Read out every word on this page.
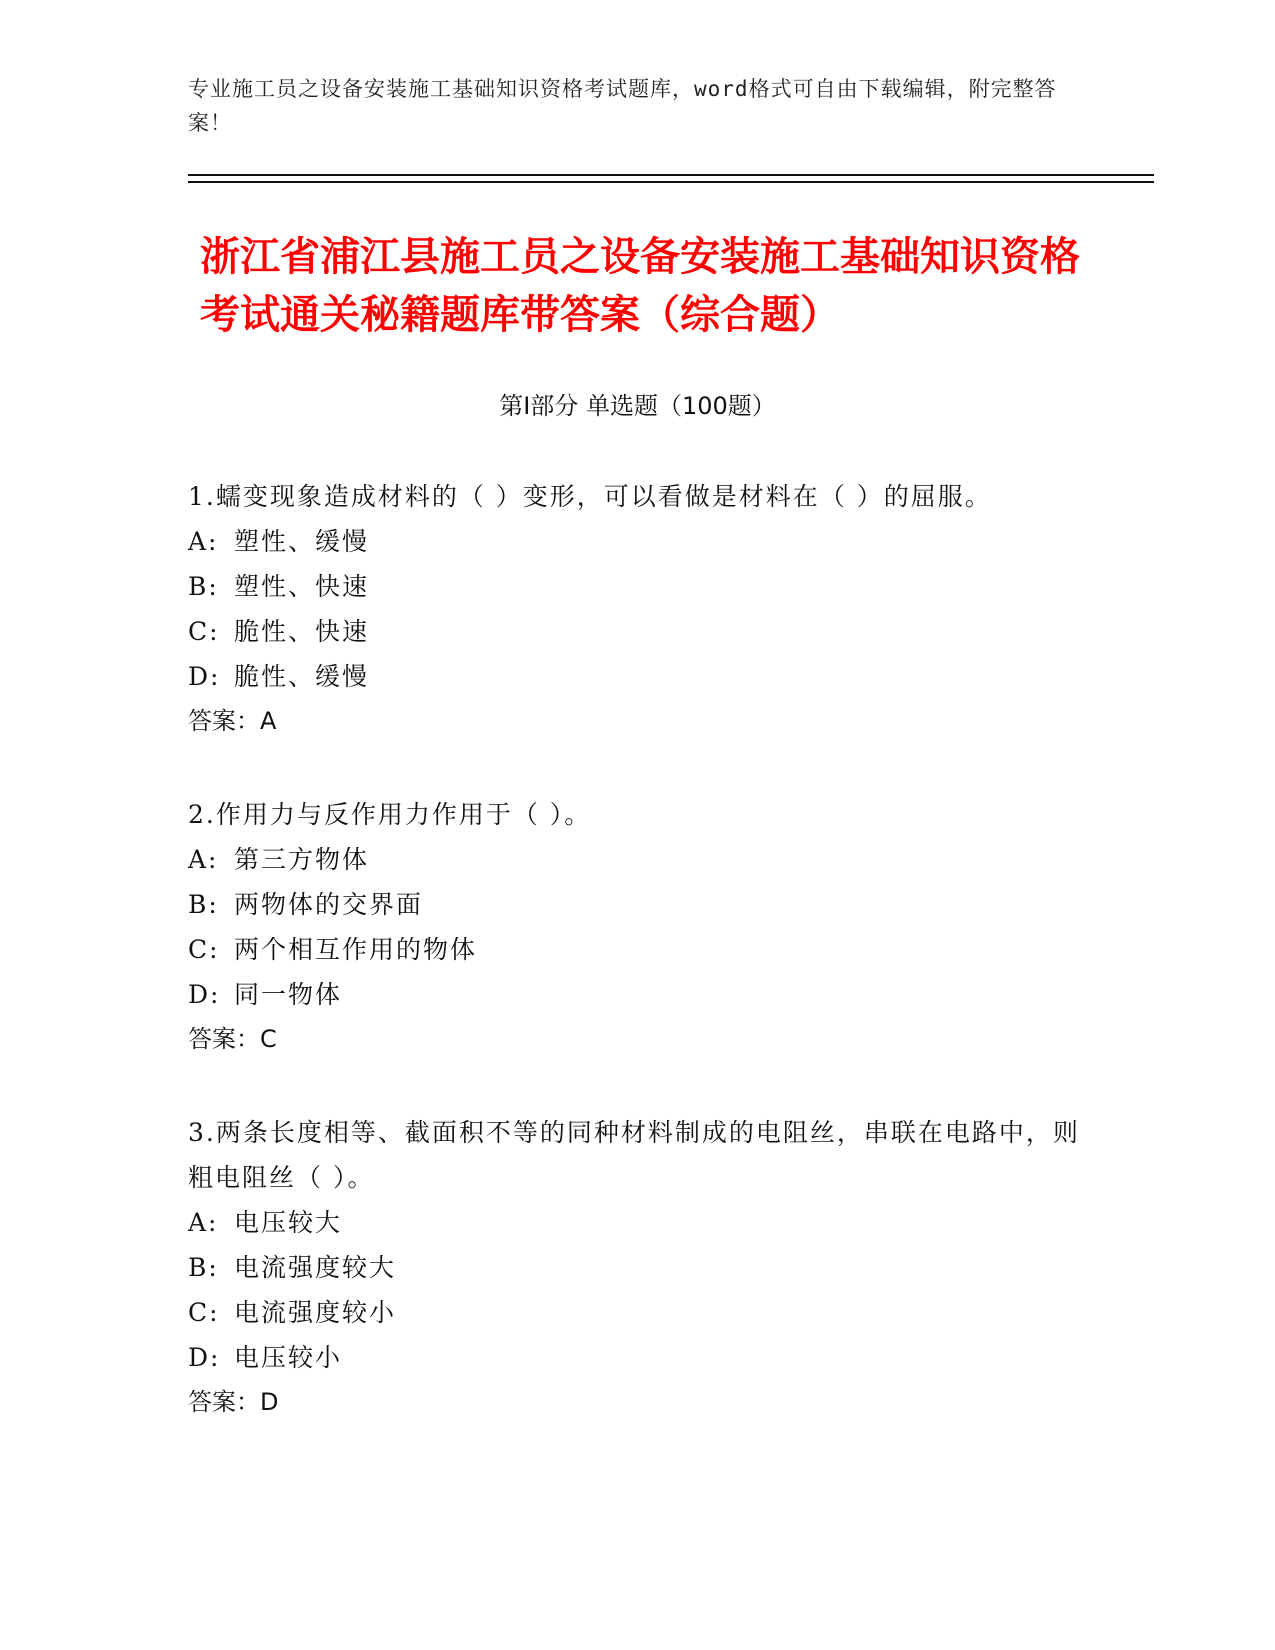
专业施工员之设备安装施工基础知识资格考试题库，word格式可自由下载编辑，附完整答案！
浙江省浦江县施工员之设备安装施工基础知识资格考试通关秘籍题库带答案（综合题）
第Ⅰ部分 单选题（100题）
1.蠕变现象造成材料的（ ）变形，可以看做是材料在（ ）的屈服。
A: 塑性、缓慢
B: 塑性、快速
C: 脆性、快速
D: 脆性、缓慢
答案：A
2.作用力与反作用力作用于（ ）。
A: 第三方物体
B: 两物体的交界面
C: 两个相互作用的物体
D: 同一物体
答案：C
3.两条长度相等、截面积不等的同种材料制成的电阻丝，串联在电路中，则粗电阻丝（ ）。
A: 电压较大
B: 电流强度较大
C: 电流强度较小
D: 电压较小
答案：D
